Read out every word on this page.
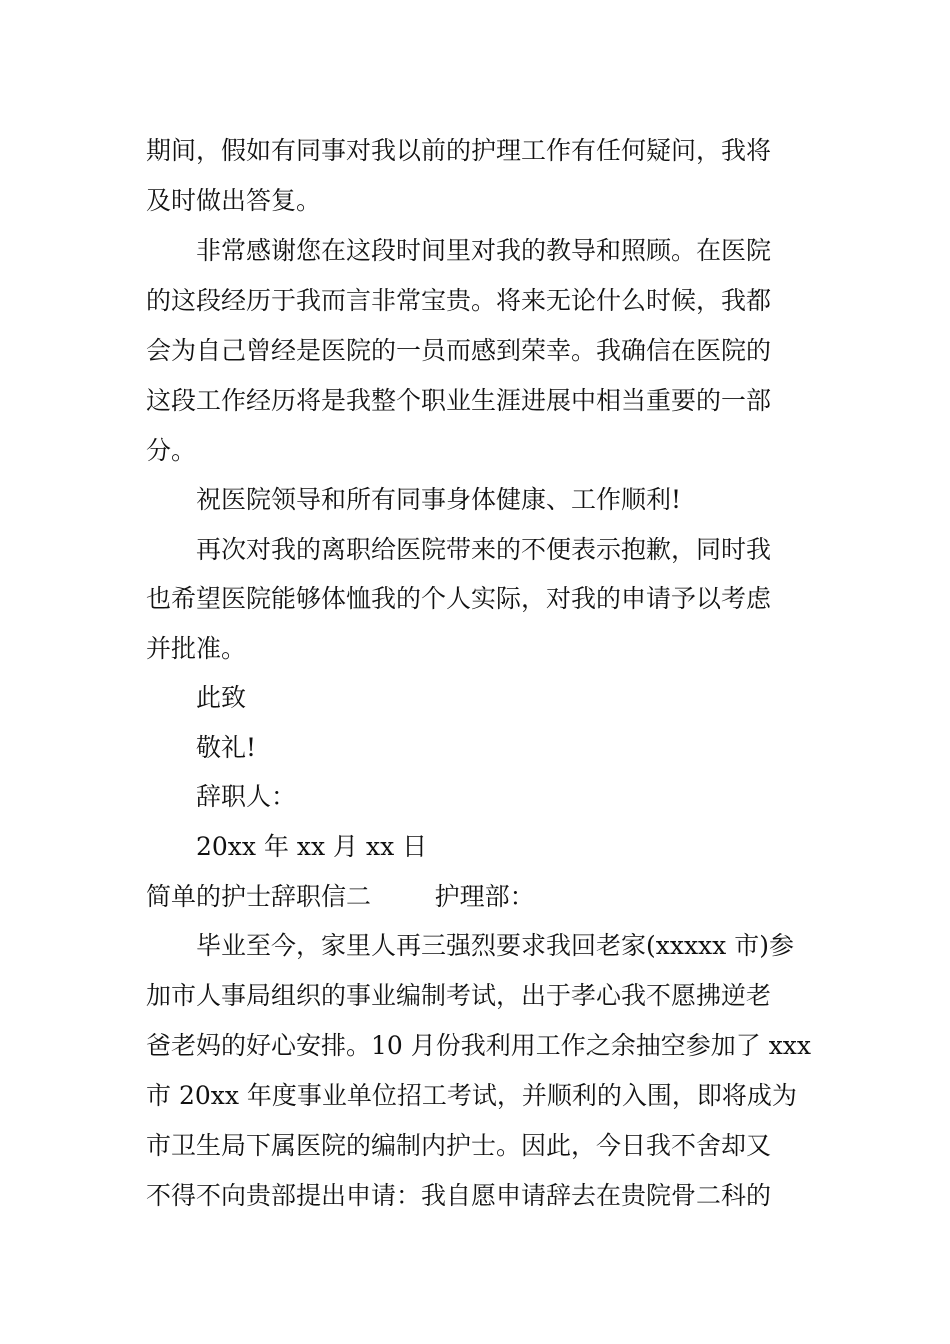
期间，假如有同事对我以前的护理工作有任何疑问，我将
及时做出答复。
非常感谢您在这段时间里对我的教导和照顾。在医院
的这段经历于我而言非常宝贵。将来无论什么时候，我都
会为自己曾经是医院的一员而感到荣幸。我确信在医院的
这段工作经历将是我整个职业生涯进展中相当重要的一部
分。
祝医院领导和所有同事身体健康、工作顺利!
再次对我的离职给医院带来的不便表示抱歉，同时我
也希望医院能够体恤我的个人实际，对我的申请予以考虑
并批准。
此致
敬礼!
辞职人：
20xx 年 xx 月 xx 日
简单的护士辞职信二        护理部：
毕业至今，家里人再三强烈要求我回老家(xxxxx 市)参
加市人事局组织的事业编制考试，出于孝心我不愿拂逆老
爸老妈的好心安排。10 月份我利用工作之余抽空参加了 xxx
市 20xx 年度事业单位招工考试，并顺利的入围，即将成为
市卫生局下属医院的编制内护士。因此，今日我不舍却又
不得不向贵部提出申请：我自愿申请辞去在贵院骨二科的
